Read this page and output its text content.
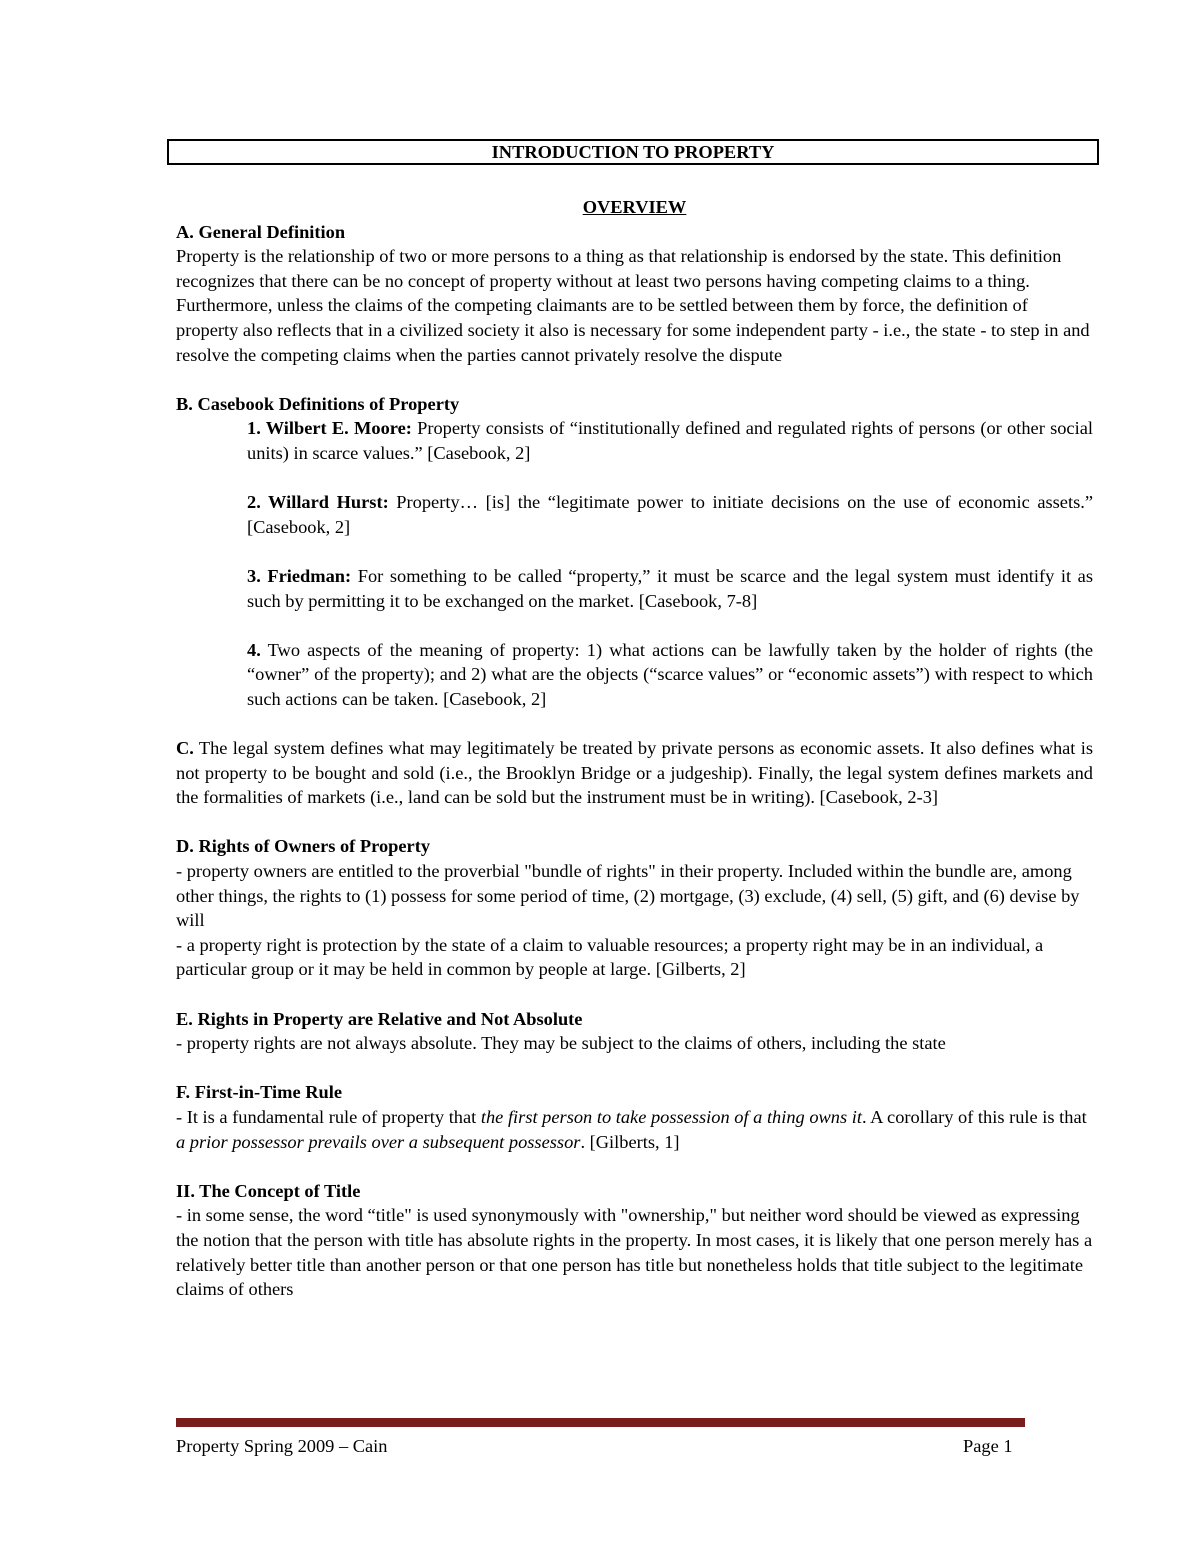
INTRODUCTION TO PROPERTY

OVERVIEW

A. General Definition

Property is the relationship of two or more persons to a thing as that relationship is endorsed by the state. This definition recognizes that there can be no concept of property without at least two persons having competing claims to a thing. Furthermore, unless the claims of the competing claimants are to be settled between them by force, the definition of property also reflects that in a civilized society it also is necessary for some independent party - i.e., the state - to step in and resolve the competing claims when the parties cannot privately resolve the dispute

B. Casebook Definitions of Property

1. Wilbert E. Moore: Property consists of “institutionally defined and regulated rights of persons (or other social units) in scarce values.” [Casebook, 2]

2. Willard Hurst: Property… [is] the “legitimate power to initiate decisions on the use of economic assets.” [Casebook, 2]

3. Friedman: For something to be called “property,” it must be scarce and the legal system must identify it as such by permitting it to be exchanged on the market. [Casebook, 7-8]

4. Two aspects of the meaning of property: 1) what actions can be lawfully taken by the holder of rights (the “owner” of the property); and 2) what are the objects (“scarce values” or “economic assets”) with respect to which such actions can be taken. [Casebook, 2]

C. The legal system defines what may legitimately be treated by private persons as economic assets. It also defines what is not property to be bought and sold (i.e., the Brooklyn Bridge or a judgeship). Finally, the legal system defines markets and the formalities of markets (i.e., land can be sold but the instrument must be in writing). [Casebook, 2-3]
D. Rights of Owners of Property

- property owners are entitled to the proverbial "bundle of rights" in their property. Included within the bundle are, among other things, the rights to (1) possess for some period of time, (2) mortgage, (3) exclude, (4) sell, (5) gift, and (6) devise by will

- a property right is protection by the state of a claim to valuable resources; a property right may be in an individual, a particular group or it may be held in common by people at large. [Gilberts, 2]

E. Rights in Property are Relative and Not Absolute

- property rights are not always absolute. They may be subject to the claims of others, including the state

F. First-in-Time Rule

- It is a fundamental rule of property that the first person to take possession of a thing owns it. A corollary of this rule is that a prior possessor prevails over a subsequent possessor. [Gilberts, 1]

II. The Concept of Title

- in some sense, the word “title" is used synonymously with "ownership," but neither word should be viewed as expressing the notion that the person with title has absolute rights in the property. In most cases, it is likely that one person merely has a relatively better title than another person or that one person has title but nonetheless holds that title subject to the legitimate claims of others

Property Spring 2009 – Cain	Page 1
